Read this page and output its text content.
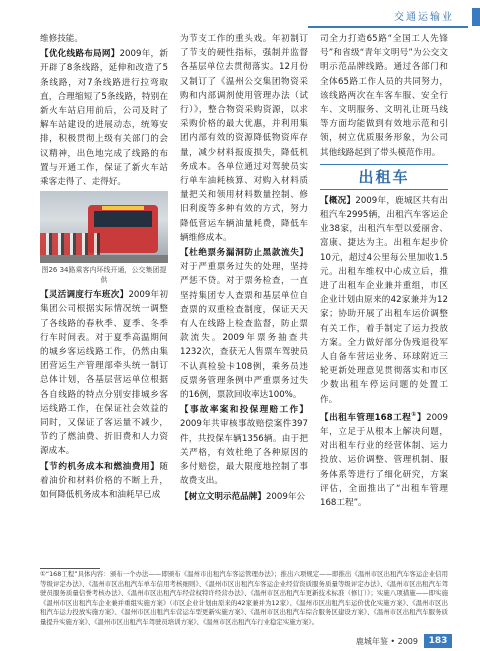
交通运输业

维修技能。

【优化线路布局网】2009年，新开辟了8条线路，延伸和改造了5条线路，对7条线路进行拉弯取直，合理缩短了5条线路，特别在新火车站启用前后，公司及时了解车站建设的进展动态，统筹安排，积极贯彻上级有关部门的会议精神，出色地完成了线路的布置与开通工作，保证了新火车站乘客走得了、走得好。

图26 34路乘客内环线开通，公交集团提供

【灵活调度行车班次】2009年初集团公司根据实际情况统一调整了各线路的春秋季、夏季、冬季行车时间表。对于夏季高温期间的城乡客运线路工作，仍然由集团营运生产管理部牵头统一制订总体计划，各基层营运单位根据各自线路的特点分别安排城乡客运线路工作，在保证社会效益的同时，又保证了客运量不减少，节约了燃油费、折旧费和人力资源成本。

【节约机务成本和燃油费用】随着油价和材料价格的不断上升，如何降低机务成本和油耗早已成

为节支工作的重头戏。年初制订了节支的硬性指标，强制并监督各基层单位去贯彻落实。12月份又制订了《温州公交集团物资采购和内部调剂使用管理办法（试行）》，整合物资采购资源，以求采购价格的最大优惠，并利用集团内部有效的资源降低物资库存量，减少材料报废损失，降低机务成本。各单位通过对驾驶员实行单车油耗核算、对购入材料质量把关和领用材料数量控制、修旧利废等多种有效的方式，努力降低营运车辆油量耗费，降低车辆维修成本。

【杜绝票务漏洞防止黑款流失】对于严重票务过失的处理，坚持严惩不贷。对于票务检查，一直坚持集团专人查票和基层单位自查票的双重检查制度，保证天天有人在线路上检查监督，防止票款流失。2009年票务抽查共1232次，查获无人售票车驾驶员不认真检验卡108例，乘务员违反票务管理条例中严重票务过失的16例，票款回收率达100%。

【事故率案和投保理赔工作】2009年共审核事故赔偿案件397件，共投保车辆1356辆。由于把关严格，有效杜绝了各种原因的多付赔偿，最大限度地控制了事故费支出。

【树立文明示范品牌】2009年公

司全力打造65路“全国工人先锋号”和省级“青年文明号”为公交文明示范品牌线路。通过各部门和全体65路工作人员的共同努力，该线路两次在车客车服、安全行车、文明服务、文明礼让斑马线等方面均能做到有效地示范和引领，树立优质服务形象，为公司其他线路起到了带头模范作用。

出租车

【概况】2009年，鹿城区共有出租汽车2995辆，出租汽车客运企业38家，出租汽车型以爱丽舍、富康、捷达为主。出租车起步价10元，超过4公里每公里加收1.5元。出租车维权中心成立后，推进了出租车企业兼并重组，市区企业计划由原来的42家兼并为12家；协助开展了出租车运价调整有关工作，着手制定了运力投放方案。全力做好部分伪残退役军人自备车营运业务、环球附近三轮更新处理意见贯彻落实和市区少数出租车停运问题的处置工作。

【出租车管理168工程①】2009年，立足于从根本上解决问题，对出租车行业的经营体制、运力投放、运价调整、管理机制、服务体系等进行了细化研究，方案评估，全面推出了“出租车管理168工程”。

①“168工程”具体内容：颁布一个办法——即颁布《温州市出租汽车客运管理办法》；推出六项规定——即推出《温州市区出租汽车客运企业信用等级评定办法》、《温州市区出租汽车单车信用考核细则》、《温州市区出租汽车客运企业经营资质服务质量等级评定办法》、《温州市区出租汽车驾驶员服务质量信誉考核办法》、《温州市区出租汽车经营权特许经营办法》、《温州市区出租汽车更新技术标准（修订）》；实施八项措施——即实施《温州市区出租汽车企业兼并重组实施方案》（市区企业计划由原来的42家兼并为12家）、《温州市区出租汽车运价优化实施方案》、《温州市区出租汽车运力投放实施方案》、《温州市区出租汽车营运车型更新实施方案》、《温州市区出租汽车综合服务区建设方案》、《温州市区出租汽车服务质量提升实施方案》、《温州市区出租汽车驾驶员培训方案》、《温州市区出租汽车行业稳定实施方案》。
鹿城年鉴 • 2009	183
